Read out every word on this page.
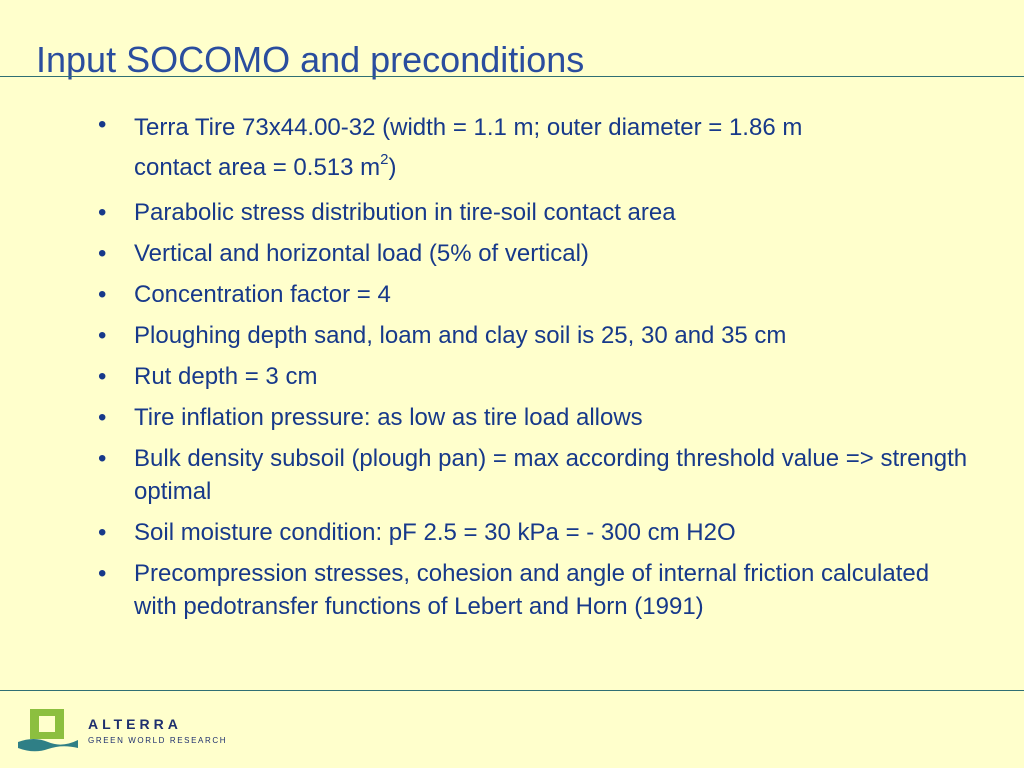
Input SOCOMO and preconditions
•	Terra Tire 73x44.00-32 (width = 1.1 m; outer diameter = 1.86 m
contact area = 0.513 $m^2$)
•	Parabolic stress distribution in tire-soil contact area
•	Vertical and horizontal load (5% of vertical)
•	Concentration factor = 4
•	Ploughing depth sand, loam and clay soil is 25, 30 and 35 cm
•	Rut depth = 3 cm
•	Tire inflation pressure: as low as tire load allows
•	Bulk density subsoil (plough pan) = max according threshold value => strength optimal
•	Soil moisture condition: pF 2.5 = 30 kPa = - 300 cm H2O
•	Precompression stresses, cohesion and angle of internal friction calculated with pedotransfer functions of Lebert and Horn (1991)
ALTERRA
GREEN WORLD RESEARCH
